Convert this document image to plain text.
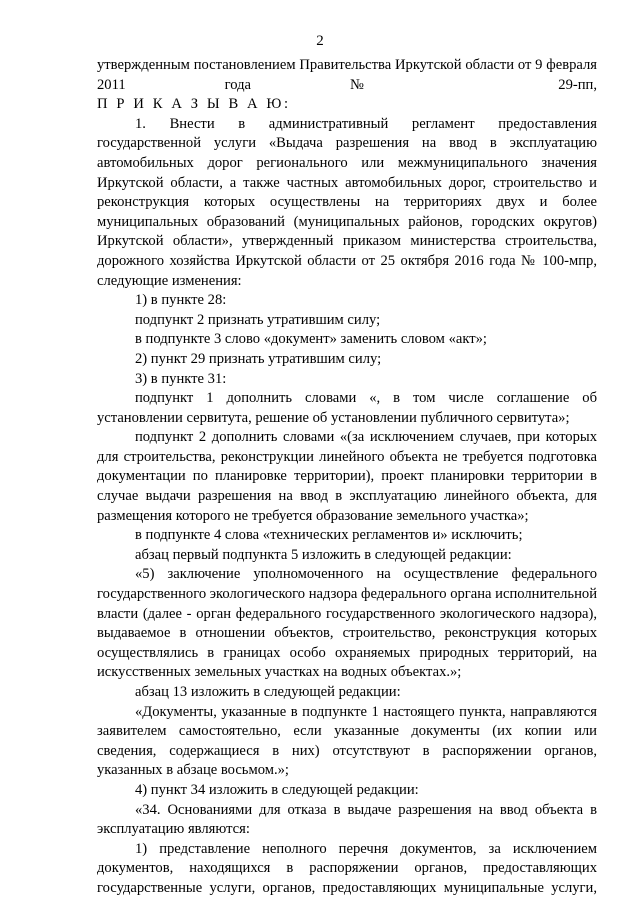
2

утвержденным постановлением Правительства Иркутской области от 9 февраля 2011 года № 29-пп,

П Р И К А З Ы В А Ю:

1. Внести в административный регламент предоставления государственной услуги «Выдача разрешения на ввод в эксплуатацию автомобильных дорог регионального или межмуниципального значения Иркутской области, а также частных автомобильных дорог, строительство и реконструкция которых осуществлены на территориях двух и более муниципальных образований (муниципальных районов, городских округов) Иркутской области», утвержденный приказом министерства строительства, дорожного хозяйства Иркутской области от 25 октября 2016 года № 100-мпр, следующие изменения:

1) в пункте 28:

подпункт 2 признать утратившим силу;

в подпункте 3 слово «документ» заменить словом «акт»;

2) пункт 29 признать утратившим силу;

3) в пункте 31:

подпункт 1 дополнить словами «, в том числе соглашение об установлении сервитута, решение об установлении публичного сервитута»;

подпункт 2 дополнить словами «(за исключением случаев, при которых для строительства, реконструкции линейного объекта не требуется подготовка документации по планировке территории), проект планировки территории в случае выдачи разрешения на ввод в эксплуатацию линейного объекта, для размещения которого не требуется образование земельного участка»;

в подпункте 4 слова «технических регламентов и» исключить;

абзац первый подпункта 5 изложить в следующей редакции:

«5) заключение уполномоченного на осуществление федерального государственного экологического надзора федерального органа исполнительной власти (далее - орган федерального государственного экологического надзора), выдаваемое в отношении объектов, строительство, реконструкция которых осуществлялись в границах особо охраняемых природных территорий, на искусственных земельных участках на водных объектах.»;

абзац 13 изложить в следующей редакции:

«Документы, указанные в подпункте 1 настоящего пункта, направляются заявителем самостоятельно, если указанные документы (их копии или сведения, содержащиеся в них) отсутствуют в распоряжении органов, указанных в абзаце восьмом.»;

4) пункт 34 изложить в следующей редакции:

«34. Основаниями для отказа в выдаче разрешения на ввод объекта в эксплуатацию являются:

1) представление неполного перечня документов, за исключением документов, находящихся в распоряжении органов, предоставляющих государственные услуги, органов, предоставляющих муниципальные услуги,
